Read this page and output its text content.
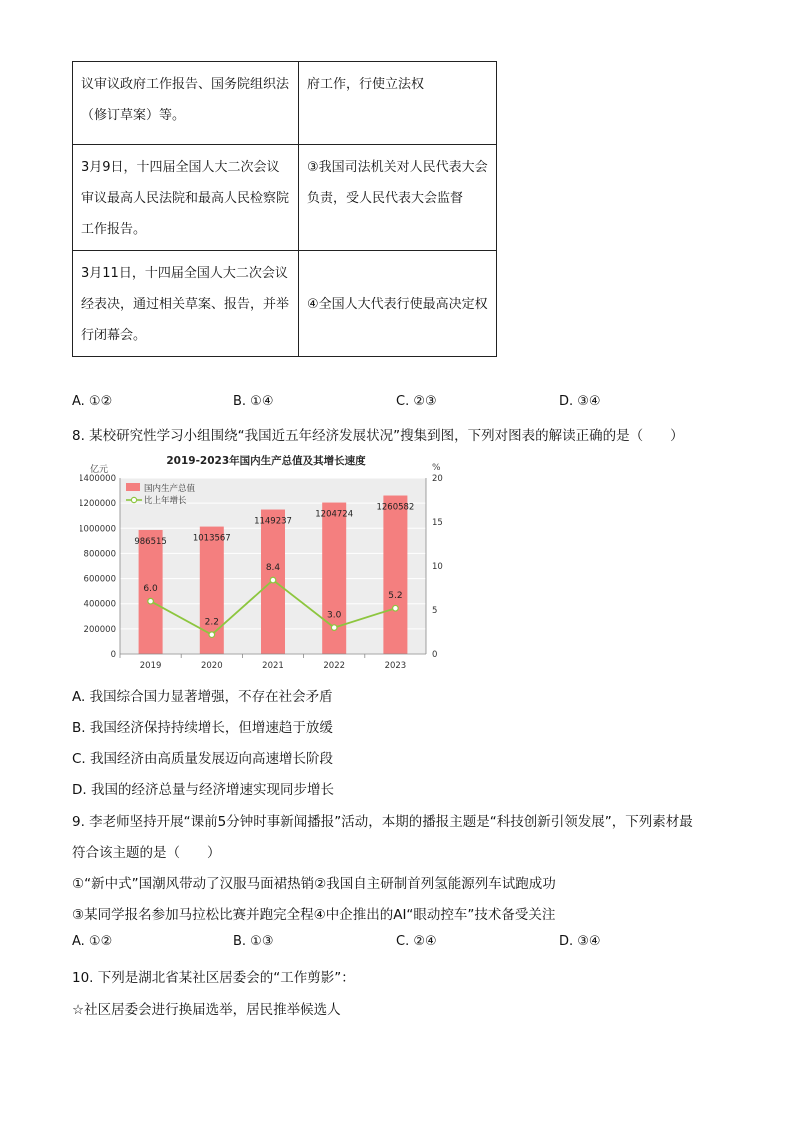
议审议政府工作报告、国务院组织法（修订草案）等。	府工作，行使立法权
3月9日，十四届全国人大二次会议审议最高人民法院和最高人民检察院工作报告。	③我国司法机关对人民代表大会负责，受人民代表大会监督
3月11日，十四届全国人大二次会议经表决，通过相关草案、报告，并举行闭幕会。	④全国人大代表行使最高决定权
A. ①②	B. ①④	C. ②③	D. ③④
8. 某校研究性学习小组围绕“我国近五年经济发展状况”搜集到图，下列对图表的解读正确的是（　　）
986515	1013567
1149237
1204724
1260582
6.0
2.2
8.4
3.0
5.2
0
200000
400000
600000
800000
1000000
1200000
1400000
0
5
10
15
20
2019	2020	2021	2022	2023
2019-2023年国内生产总值及其增长速度
亿元	%
国内生产总值
比上年增长
A. 我国综合国力显著增强，不存在社会矛盾
B. 我国经济保持持续增长，但增速趋于放缓
C. 我国经济由高质量发展迈向高速增长阶段
D. 我国的经济总量与经济增速实现同步增长
9. 李老师坚持开展“课前5分钟时事新闻播报”活动，本期的播报主题是“科技创新引领发展”，下列素材最
符合该主题的是（　　）
①“新中式”国潮风带动了汉服马面裙热销②我国自主研制首列氢能源列车试跑成功
③某同学报名参加马拉松比赛并跑完全程④中企推出的AI“眼动控车”技术备受关注
A. ①②	B. ①③	C. ②④	D. ③④
10. 下列是湖北省某社区居委会的“工作剪影”：
☆社区居委会进行换届选举，居民推举候选人
